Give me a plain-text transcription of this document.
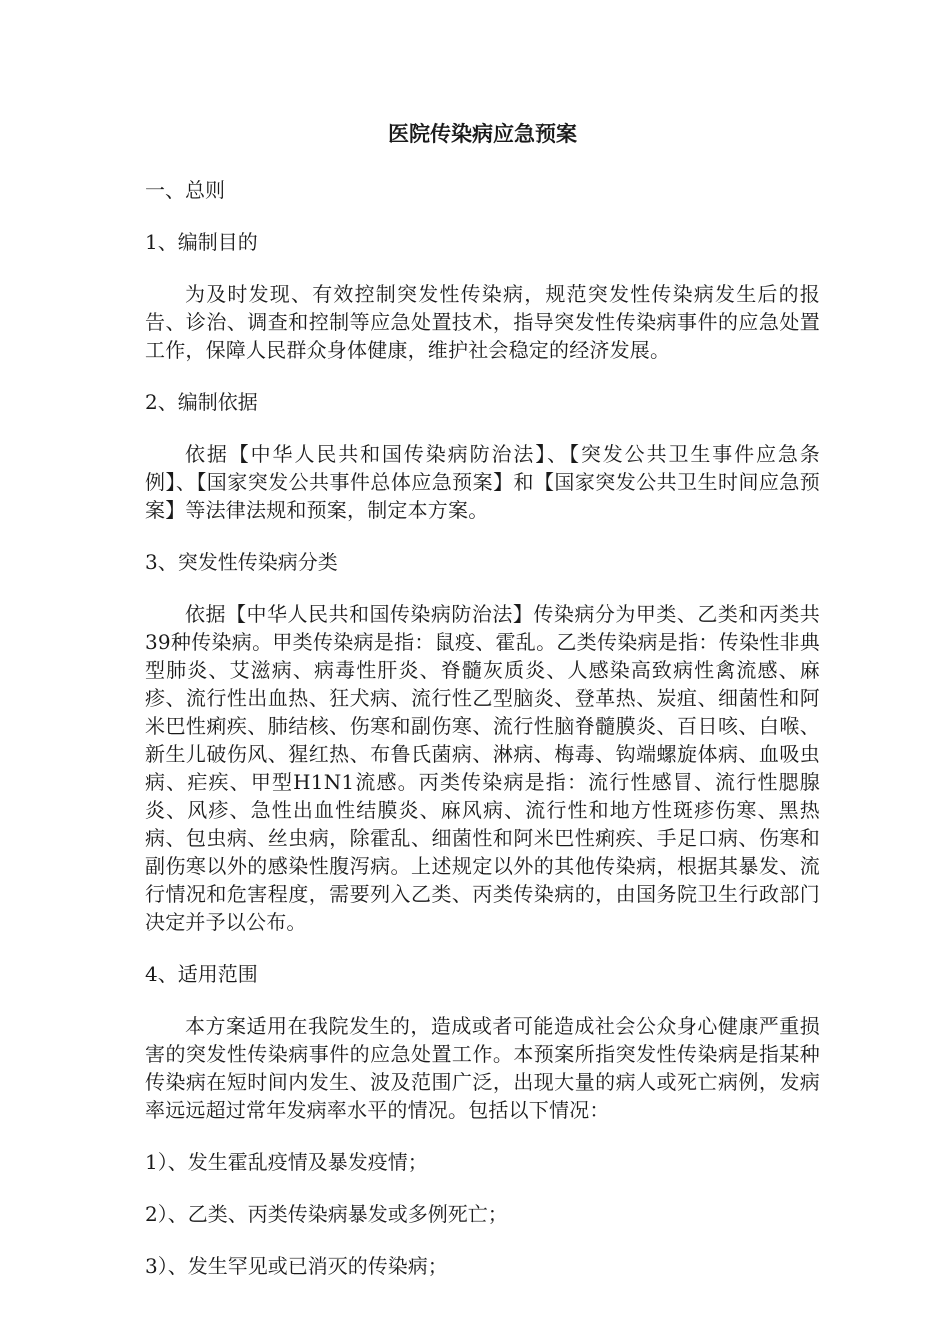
医院传染病应急预案
一、总则
1、编制目的
为及时发现、有效控制突发性传染病，规范突发性传染病发生后的报告、诊治、调查和控制等应急处置技术，指导突发性传染病事件的应急处置工作，保障人民群众身体健康，维护社会稳定的经济发展。
2、编制依据
依据【中华人民共和国传染病防治法】、【突发公共卫生事件应急条例】、【国家突发公共事件总体应急预案】和【国家突发公共卫生时间应急预案】等法律法规和预案，制定本方案。
3、突发性传染病分类
依据【中华人民共和国传染病防治法】传染病分为甲类、乙类和丙类共39种传染病。甲类传染病是指：鼠疫、霍乱。乙类传染病是指：传染性非典型肺炎、艾滋病、病毒性肝炎、脊髓灰质炎、人感染高致病性禽流感、麻疹、流行性出血热、狂犬病、流行性乙型脑炎、登革热、炭疽、细菌性和阿米巴性痢疾、肺结核、伤寒和副伤寒、流行性脑脊髓膜炎、百日咳、白喉、新生儿破伤风、猩红热、布鲁氏菌病、淋病、梅毒、钩端螺旋体病、血吸虫病、疟疾、甲型H1N1流感。丙类传染病是指：流行性感冒、流行性腮腺炎、风疹、急性出血性结膜炎、麻风病、流行性和地方性斑疹伤寒、黑热病、包虫病、丝虫病，除霍乱、细菌性和阿米巴性痢疾、手足口病、伤寒和副伤寒以外的感染性腹泻病。上述规定以外的其他传染病，根据其暴发、流行情况和危害程度，需要列入乙类、丙类传染病的，由国务院卫生行政部门决定并予以公布。
4、适用范围
本方案适用在我院发生的，造成或者可能造成社会公众身心健康严重损害的突发性传染病事件的应急处置工作。本预案所指突发性传染病是指某种传染病在短时间内发生、波及范围广泛，出现大量的病人或死亡病例，发病率远远超过常年发病率水平的情况。包括以下情况：
1）、发生霍乱疫情及暴发疫情；
2）、乙类、丙类传染病暴发或多例死亡；
3）、发生罕见或已消灭的传染病；
